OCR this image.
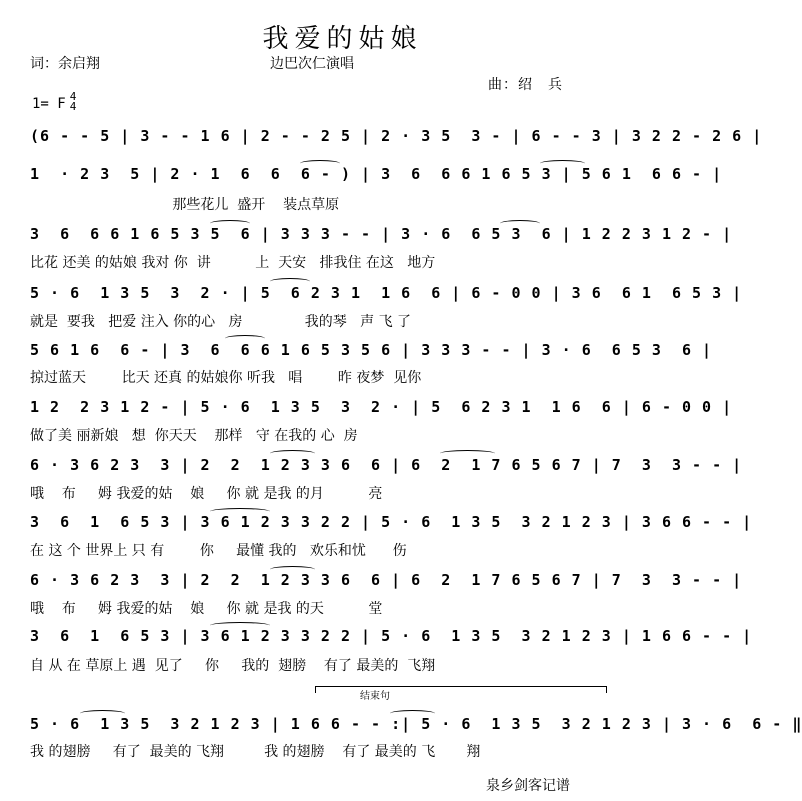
我爱的姑娘
边巴次仁演唱
词：余启翔
曲：绍　兵
1= F 4
4
(6 - - 5 | 3 - - 1 6 | 2 - - 2 5 | 2 · 3 5  3 - | 6 - - 3 | 3 2 2 - 2 6 |
1  · 2 3  5 | 2 · 1  6  6  6 - ) | 3  6  6 6 1 6 5 3 | 5 6 1  6 6 - |
那些花儿  盛开    装点草原
3  6  6 6 1 6 5 3 5  6 | 3 3 3 - - | 3 · 6  6 5 3  6 | 1 2 2 3 1 2 - |
比花 还美 的姑娘 我对 你  讲          上  天安   排我住 在这   地方
5 · 6  1 3 5  3  2 · | 5  6 2 3 1  1 6  6 | 6 - 0 0 | 3 6  6 1  6 5 3 |
就是  要我   把爱 注入 你的心   房              我的琴   声 飞 了
5 6 1 6  6 - | 3  6  6 6 1 6 5 3 5 6 | 3 3 3 - - | 3 · 6  6 5 3  6 |
掠过蓝天        比天 还真 的姑娘你 听我   唱        昨 夜梦  见你
1 2  2 3 1 2 - | 5 · 6  1 3 5  3  2 · | 5  6 2 3 1  1 6  6 | 6 - 0 0 |
做了美 丽新娘   想  你天天    那样   守 在我的 心  房
6 · 3 6 2 3  3 | 2  2  1 2 3 3 6  6 | 6  2  1 7 6 5 6 7 | 7  3  3 - - |
哦    布     姆 我爱的姑    娘     你 就 是我 的月          亮
3  6  1  6 5 3 | 3 6 1 2 3 3 2 2 | 5 · 6  1 3 5  3 2 1 2 3 | 3 6 6 - - |
在 这 个 世界上 只 有        你     最懂 我的   欢乐和忧      伤
6 · 3 6 2 3  3 | 2  2  1 2 3 3 6  6 | 6  2  1 7 6 5 6 7 | 7  3  3 - - |
哦    布     姆 我爱的姑    娘     你 就 是我 的天          堂
3  6  1  6 5 3 | 3 6 1 2 3 3 2 2 | 5 · 6  1 3 5  3 2 1 2 3 | 1 6 6 - - |
自 从 在 草原上 遇  见了     你     我的  翅膀    有了 最美的  飞翔
结束句
5 · 6  1 3 5  3 2 1 2 3 | 1 6 6 - - :| 5 · 6  1 3 5  3 2 1 2 3 | 3 · 6  6 - ‖
我 的翅膀     有了  最美的 飞翔         我 的翅膀    有了 最美的 飞       翔
泉乡剑客记谱
